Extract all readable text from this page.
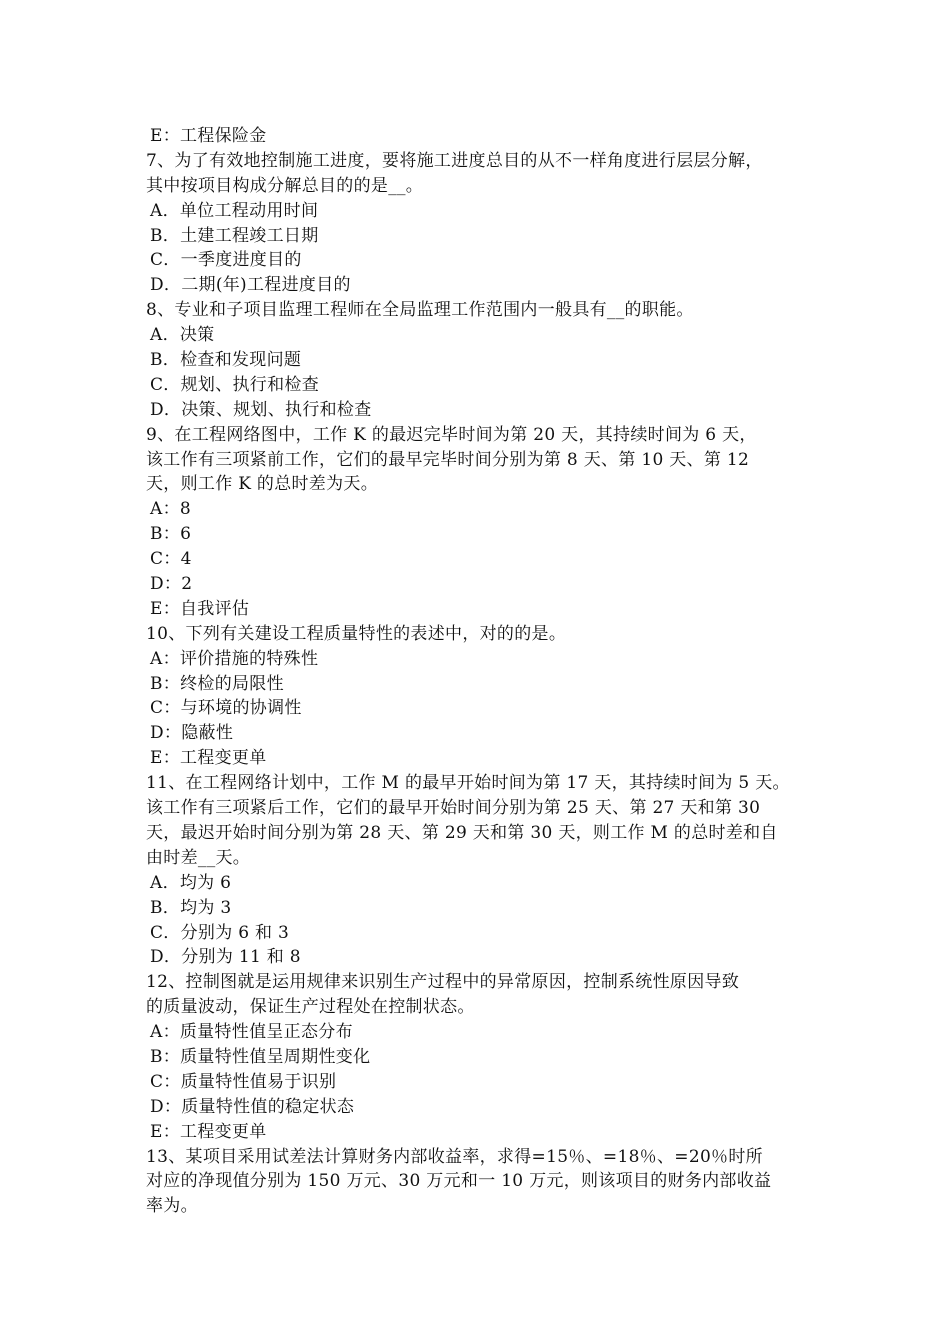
E：工程保险金
7、为了有效地控制施工进度，要将施工进度总目的从不一样角度进行层层分解，
其中按项目构成分解总目的的是__。
A．单位工程动用时间
B．土建工程竣工日期
C．一季度进度目的
D．二期(年)工程进度目的
8、专业和子项目监理工程师在全局监理工作范围内一般具有__的职能。
A．决策
B．检查和发现问题
C．规划、执行和检查
D．决策、规划、执行和检查
9、在工程网络图中，工作 K 的最迟完毕时间为第 20 天，其持续时间为 6 天，
该工作有三项紧前工作，它们的最早完毕时间分别为第 8 天、第 10 天、第 12
天，则工作 K 的总时差为天。
A：8
B：6
C：4
D：2
E：自我评估
10、下列有关建设工程质量特性的表述中，对的的是。
A：评价措施的特殊性
B：终检的局限性
C：与环境的协调性
D：隐蔽性
E：工程变更单
11、在工程网络计划中，工作 M 的最早开始时间为第 17 天，其持续时间为 5 天。
该工作有三项紧后工作，它们的最早开始时间分别为第 25 天、第 27 天和第 30
天，最迟开始时间分别为第 28 天、第 29 天和第 30 天，则工作 M 的总时差和自
由时差__天。
A．均为 6
B．均为 3
C．分别为 6 和 3
D．分别为 11 和 8
12、控制图就是运用规律来识别生产过程中的异常原因，控制系统性原因导致
的质量波动，保证生产过程处在控制状态。
A：质量特性值呈正态分布
B：质量特性值呈周期性变化
C：质量特性值易于识别
D：质量特性值的稳定状态
E：工程变更单
13、某项目采用试差法计算财务内部收益率，求得=15％、=18％、=20％时所
对应的净现值分别为 150 万元、30 万元和一 10 万元，则该项目的财务内部收益
率为。
